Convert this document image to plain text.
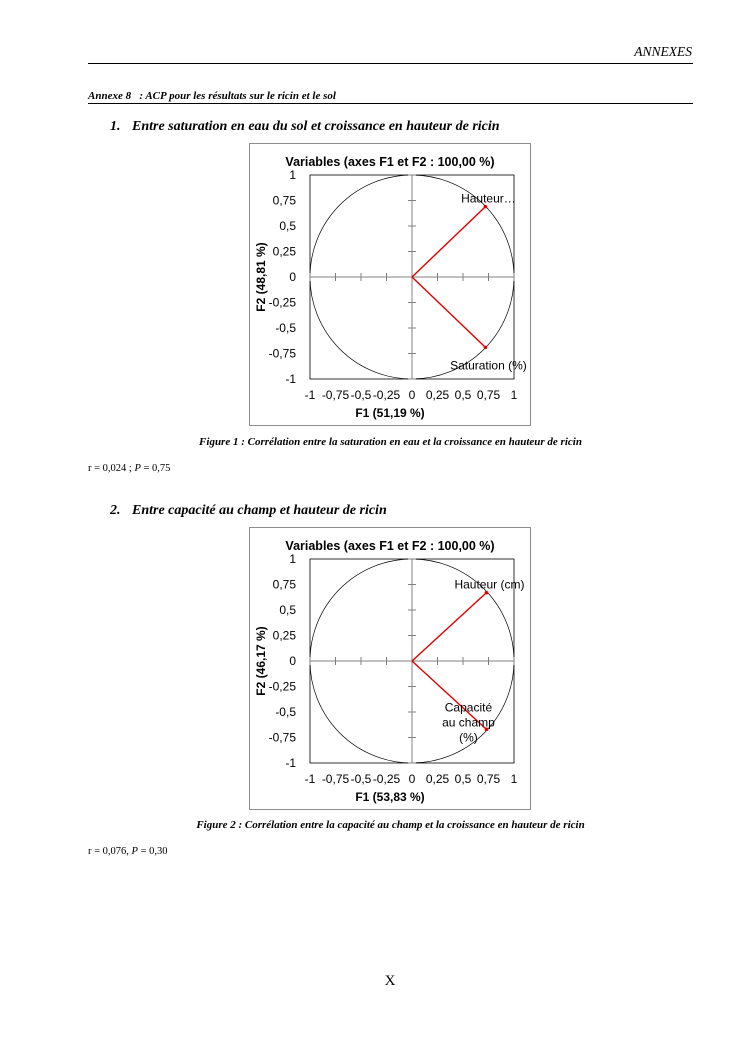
ANNEXES
Annexe 8   : ACP pour les résultats sur le ricin et le sol
1. Entre saturation en eau du sol et croissance en hauteur de ricin
Variables (axes F1 et F2 : 100,00 %)
-1 -0,75 -0,5 -0,25 0 0,25 0,5 0,75 1
1
0,75
0,5
0,25
0
-0,25
-0,5
-0,75
-1
F1 (51,19 %)
F2 (48,81 %)
Hauteur…
Saturation (%)
Figure 1 : Corrélation entre la saturation en eau et la croissance en hauteur de ricin
r = 0,024 ; P = 0,75
2. Entre capacité au champ et hauteur de ricin
Variables (axes F1 et F2 : 100,00 %)
-1 -0,75 -0,5 -0,25 0 0,25 0,5 0,75 1
1
0,75
0,5
0,25
0
-0,25
-0,5
-0,75
-1
F1 (53,83 %)
F2 (46,17 %)
Hauteur (cm)
Capacité au champ (%)
Figure 2 : Corrélation entre la capacité au champ et la croissance en hauteur de ricin
r = 0,076, P = 0,30
X
